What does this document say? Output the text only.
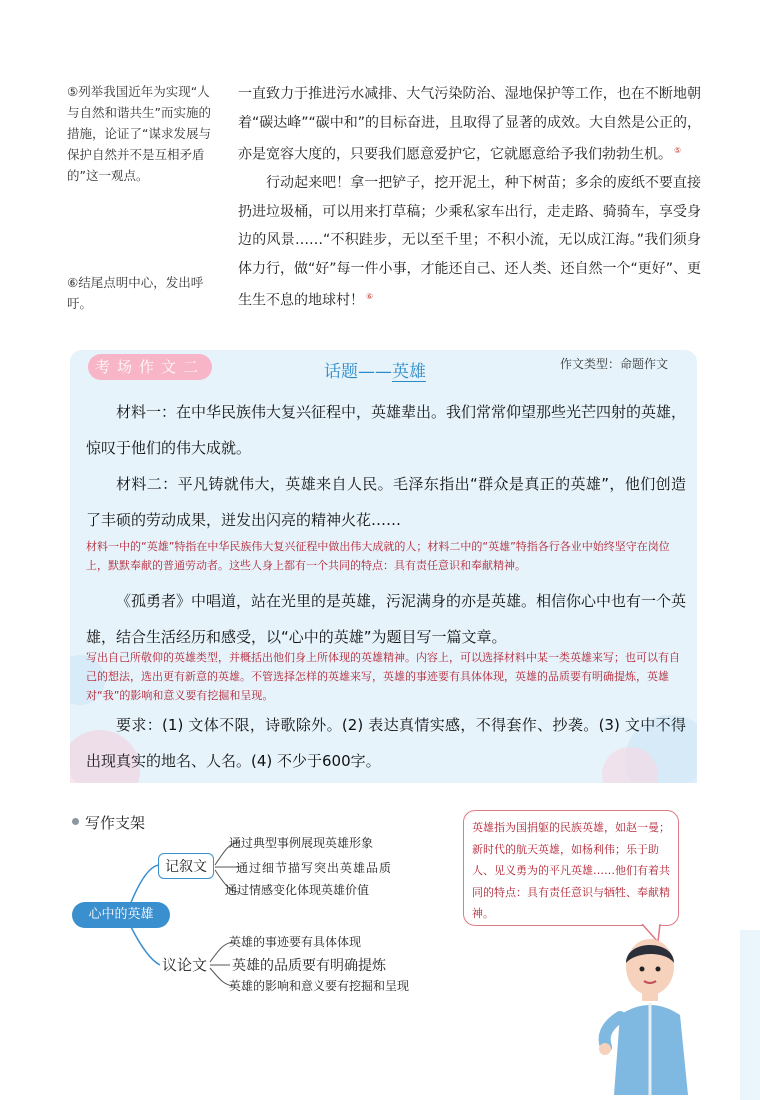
⑤列举我国近年为实现“人与自然和谐共生”而实施的措施，论证了“谋求发展与保护自然并不是互相矛盾的”这一观点。
⑥结尾点明中心，发出呼吁。

一直致力于推进污水减排、大气污染防治、湿地保护等工作，也在不断地朝着“碳达峰”“碳中和”的目标奋进，且取得了显著的成效。大自然是公正的，亦是宽容大度的，只要我们愿意爱护它，它就愿意给予我们勃勃生机。 ⑤

行动起来吧！拿一把铲子，挖开泥土，种下树苗；多余的废纸不要直接扔进垃圾桶，可以用来打草稿；少乘私家车出行，走走路、骑骑车，享受身边的风景……“不积跬步，无以至千里；不积小流，无以成江海。”我们须身体力行，做“好”每一件小事，才能还自己、还人类、还自然一个“更好”、更生生不息的地球村！ ⑥

考场作文二	话题——英雄	作文类型：命题作文

材料一：在中华民族伟大复兴征程中，英雄辈出。我们常常仰望那些光芒四射的英雄，惊叹于他们的伟大成就。

材料二：平凡铸就伟大，英雄来自人民。毛泽东指出“群众是真正的英雄”，他们创造了丰硕的劳动成果，迸发出闪亮的精神火花……

材料一中的“英雄”特指在中华民族伟大复兴征程中做出伟大成就的人；材料二中的“英雄”特指各行各业中始终坚守在岗位上，默默奉献的普通劳动者。这些人身上都有一个共同的特点：具有责任意识和奉献精神。

《孤勇者》中唱道，站在光里的是英雄，污泥满身的亦是英雄。相信你心中也有一个英雄，结合生活经历和感受，以“心中的英雄”为题目写一篇文章。

写出自己所敬仰的英雄类型，并概括出他们身上所体现的英雄精神。内容上，可以选择材料中某一类英雄来写；也可以有自己的想法，选出更有新意的英雄。不管选择怎样的英雄来写，英雄的事迹要有具体体现，英雄的品质要有明确提炼，英雄对“我”的影响和意义要有挖掘和呈现。

要求：(1) 文体不限，诗歌除外。(2) 表达真情实感，不得套作、抄袭。(3) 文中不得出现真实的地名、人名。(4) 不少于600字。

写作支架
心中的英雄
记叙文
议论文
通过典型事例展现英雄形象
通过细节描写突出英雄品质
通过情感变化体现英雄价值
英雄的事迹要有具体体现
英雄的品质要有明确提炼
英雄的影响和意义要有挖掘和呈现
英雄指为国捐躯的民族英雄，如赵一曼；新时代的航天英雄，如杨利伟；乐于助人、见义勇为的平凡英雄……他们有着共同的特点：具有责任意识与牺牲、奉献精神。
